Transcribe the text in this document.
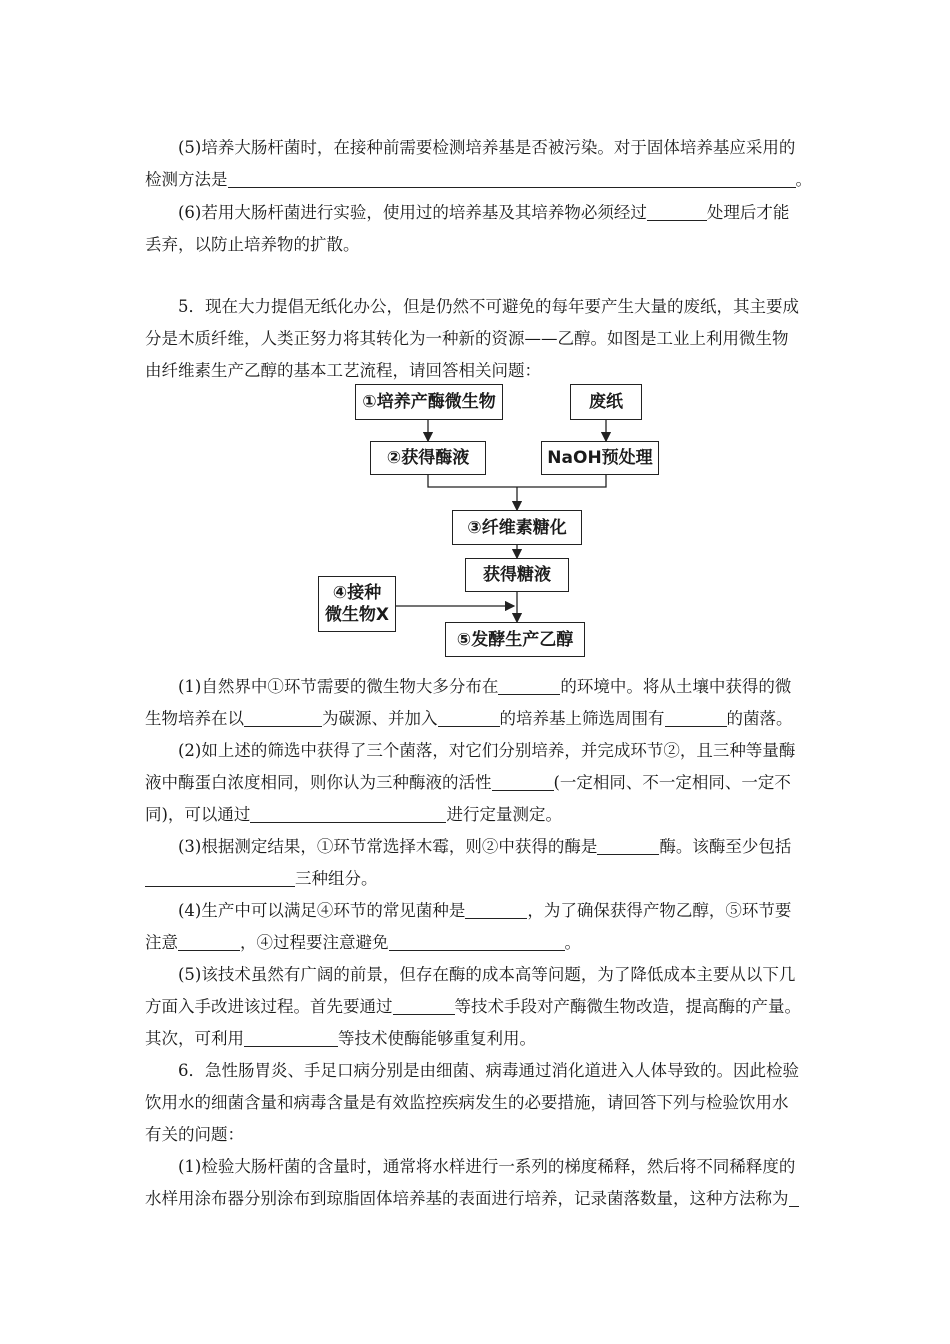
(5)培养大肠杆菌时，在接种前需要检测培养基是否被污染。对于固体培养基应采用的
检测方法是	。
(6)若用大肠杆菌进行实验，使用过的培养基及其培养物必须经过	处理后才能
丢弃，以防止培养物的扩散。
5．现在大力提倡无纸化办公，但是仍然不可避免的每年要产生大量的废纸，其主要成
分是木质纤维，人类正努力将其转化为一种新的资源——乙醇。如图是工业上利用微生物
由纤维素生产乙醇的基本工艺流程，请回答相关问题：
①培养产酶微生物	废纸
②获得酶液	NaOH预处理
③纤维素糖化
获得糖液
④接种
微生物X
⑤发酵生产乙醇
(1)自然界中①环节需要的微生物大多分布在	的环境中。将从土壤中获得的微
生物培养在以	为碳源、并加入	的培养基上筛选周围有	的菌落。
(2)如上述的筛选中获得了三个菌落，对它们分别培养，并完成环节②，且三种等量酶
液中酶蛋白浓度相同，则你认为三种酶液的活性	(一定相同、不一定相同、一定不
同)，可以通过	进行定量测定。
(3)根据测定结果，①环节常选择木霉，则②中获得的酶是	酶。该酶至少包括
三种组分。
(4)生产中可以满足④环节的常见菌种是	，为了确保获得产物乙醇，⑤环节要
注意	，④过程要注意避免	。
(5)该技术虽然有广阔的前景，但存在酶的成本高等问题，为了降低成本主要从以下几
方面入手改进该过程。首先要通过	等技术手段对产酶微生物改造，提高酶的产量。
其次，可利用	等技术使酶能够重复利用。
6．急性肠胃炎、手足口病分别是由细菌、病毒通过消化道进入人体导致的。因此检验
饮用水的细菌含量和病毒含量是有效监控疾病发生的必要措施，请回答下列与检验饮用水
有关的问题：
(1)检验大肠杆菌的含量时，通常将水样进行一系列的梯度稀释，然后将不同稀释度的
水样用涂布器分别涂布到琼脂固体培养基的表面进行培养，记录菌落数量，这种方法称为
